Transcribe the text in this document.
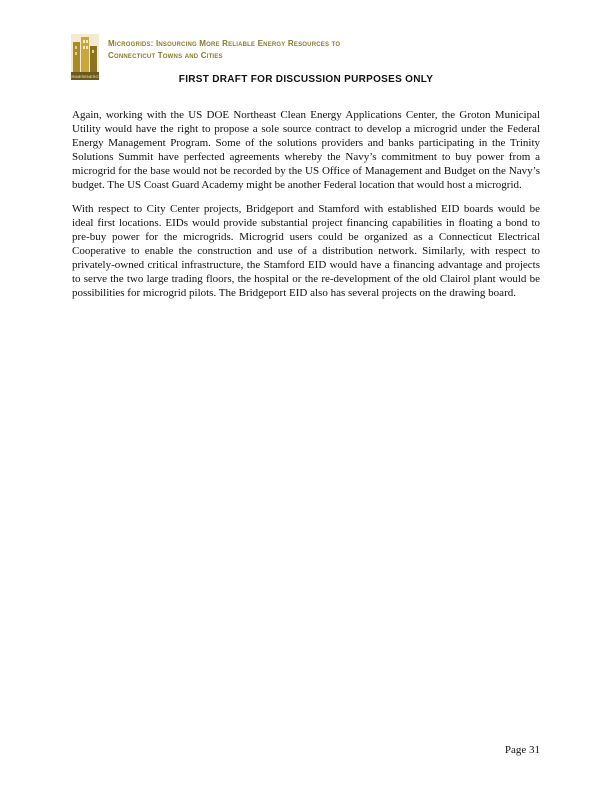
PRIMERENERGY
Microgrids: Insourcing More Reliable Energy Resources to
Connecticut Towns and Cities
FIRST DRAFT FOR DISCUSSION PURPOSES ONLY

Again, working with the US DOE Northeast Clean Energy Applications Center, the Groton Municipal Utility would have the right to propose a sole source contract to develop a microgrid under the Federal Energy Management Program. Some of the solutions providers and banks participating in the Trinity Solutions Summit have perfected agreements whereby the Navy’s commitment to buy power from a microgrid for the base would not be recorded by the US Office of Management and Budget on the Navy’s budget. The US Coast Guard Academy might be another Federal location that would host a microgrid.

With respect to City Center projects, Bridgeport and Stamford with established EID boards would be ideal first locations. EIDs would provide substantial project financing capabilities in floating a bond to pre-buy power for the microgrids. Microgrid users could be organized as a Connecticut Electrical Cooperative to enable the construction and use of a distribution network. Similarly, with respect to privately-owned critical infrastructure, the Stamford EID would have a financing advantage and projects to serve the two large trading floors, the hospital or the re-development of the old Clairol plant would be possibilities for microgrid pilots. The Bridgeport EID also has several projects on the drawing board.

Page 31
